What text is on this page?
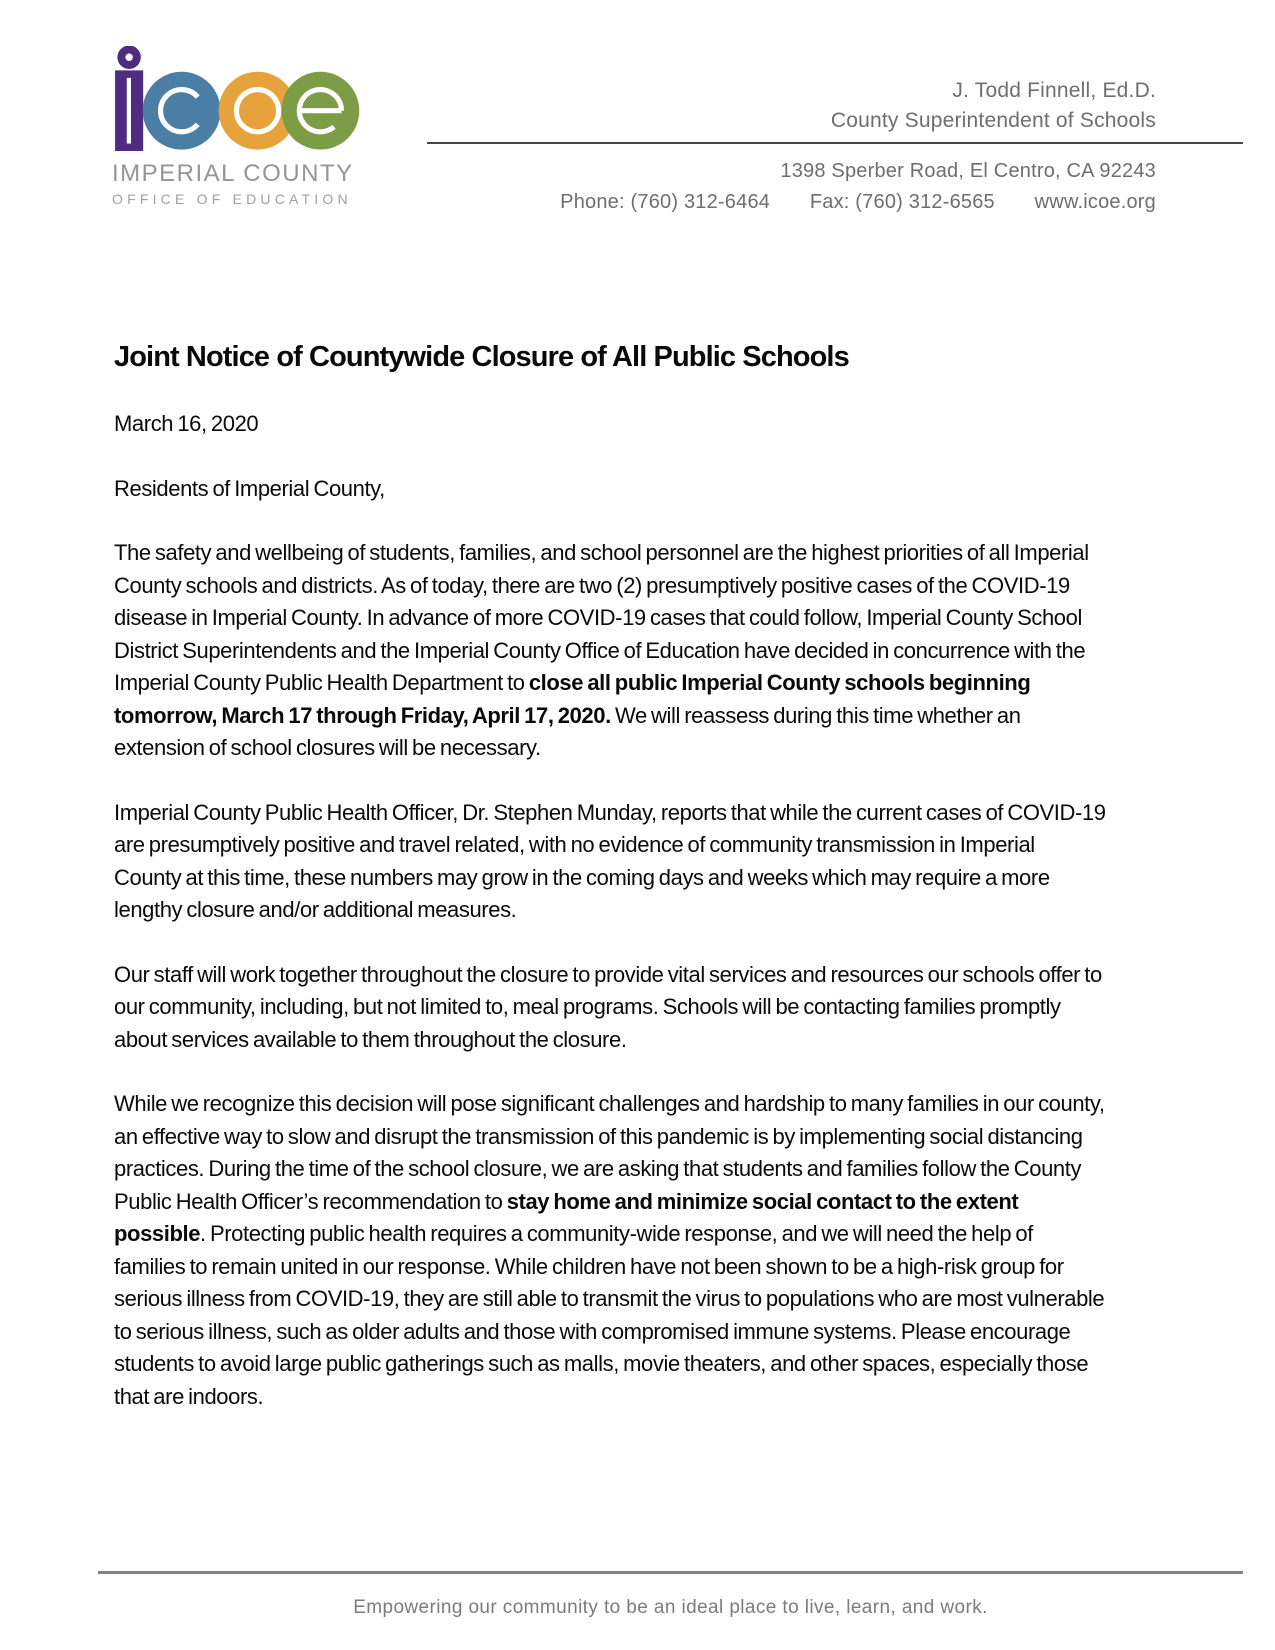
IMPERIAL COUNTY
OFFICE OF EDUCATION
J. Todd Finnell, Ed.D.
County Superintendent of Schools
1398 Sperber Road, El Centro, CA 92243
Phone: (760) 312-6464 Fax: (760) 312-6565 www.icoe.org
Joint Notice of Countywide Closure of All Public Schools

March 16, 2020

Residents of Imperial County,

The safety and wellbeing of students, families, and school personnel are the highest priorities of all Imperial County schools and districts. As of today, there are two (2) presumptively positive cases of the COVID-19 disease in Imperial County. In advance of more COVID-19 cases that could follow, Imperial County School District Superintendents and the Imperial County Office of Education have decided in concurrence with the Imperial County Public Health Department to close all public Imperial County schools beginning tomorrow, March 17 through Friday, April 17, 2020. We will reassess during this time whether an extension of school closures will be necessary.

Imperial County Public Health Officer, Dr. Stephen Munday, reports that while the current cases of COVID-19 are presumptively positive and travel related, with no evidence of community transmission in Imperial County at this time, these numbers may grow in the coming days and weeks which may require a more lengthy closure and/or additional measures.

Our staff will work together throughout the closure to provide vital services and resources our schools offer to our community, including, but not limited to, meal programs. Schools will be contacting families promptly about services available to them throughout the closure.

While we recognize this decision will pose significant challenges and hardship to many families in our county, an effective way to slow and disrupt the transmission of this pandemic is by implementing social distancing practices. During the time of the school closure, we are asking that students and families follow the County Public Health Officer’s recommendation to stay home and minimize social contact to the extent possible. Protecting public health requires a community-wide response, and we will need the help of families to remain united in our response. While children have not been shown to be a high-risk group for serious illness from COVID-19, they are still able to transmit the virus to populations who are most vulnerable to serious illness, such as older adults and those with compromised immune systems. Please encourage students to avoid large public gatherings such as malls, movie theaters, and other spaces, especially those that are indoors.

Empowering our community to be an ideal place to live, learn, and work.
